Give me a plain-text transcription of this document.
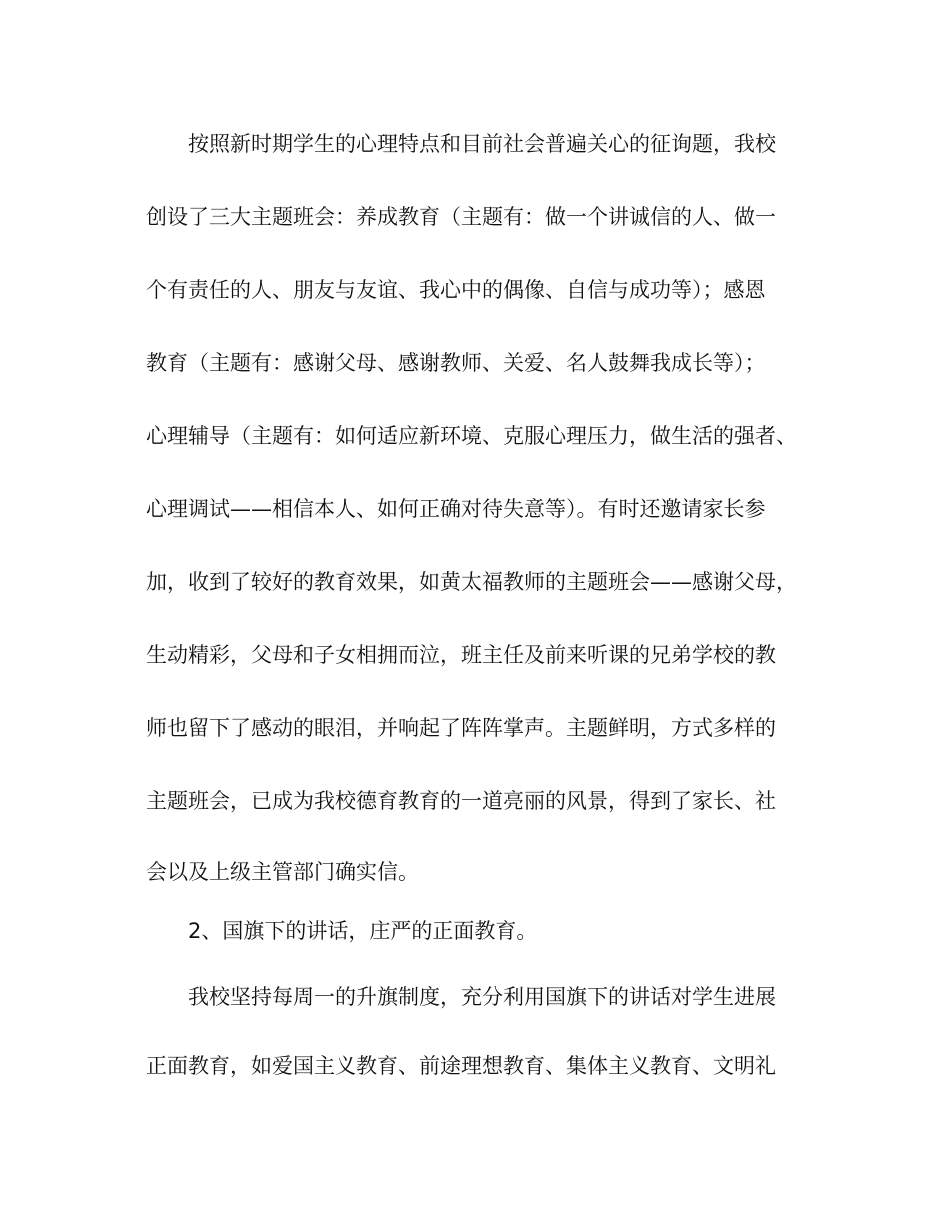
按照新时期学生的心理特点和目前社会普遍关心的征询题，我校

创设了三大主题班会：养成教育（主题有：做一个讲诚信的人、做一

个有责任的人、朋友与友谊、我心中的偶像、自信与成功等）；感恩

教育（主题有：感谢父母、感谢教师、关爱、名人鼓舞我成长等）；

心理辅导（主题有：如何适应新环境、克服心理压力，做生活的强者、

心理调试——相信本人、如何正确对待失意等）。有时还邀请家长参

加，收到了较好的教育效果，如黄太福教师的主题班会——感谢父母，

生动精彩，父母和子女相拥而泣，班主任及前来听课的兄弟学校的教

师也留下了感动的眼泪，并响起了阵阵掌声。主题鲜明，方式多样的

主题班会，已成为我校德育教育的一道亮丽的风景，得到了家长、社

会以及上级主管部门确实信。

2、国旗下的讲话，庄严的正面教育。

我校坚持每周一的升旗制度，充分利用国旗下的讲话对学生进展

正面教育，如爱国主义教育、前途理想教育、集体主义教育、文明礼
